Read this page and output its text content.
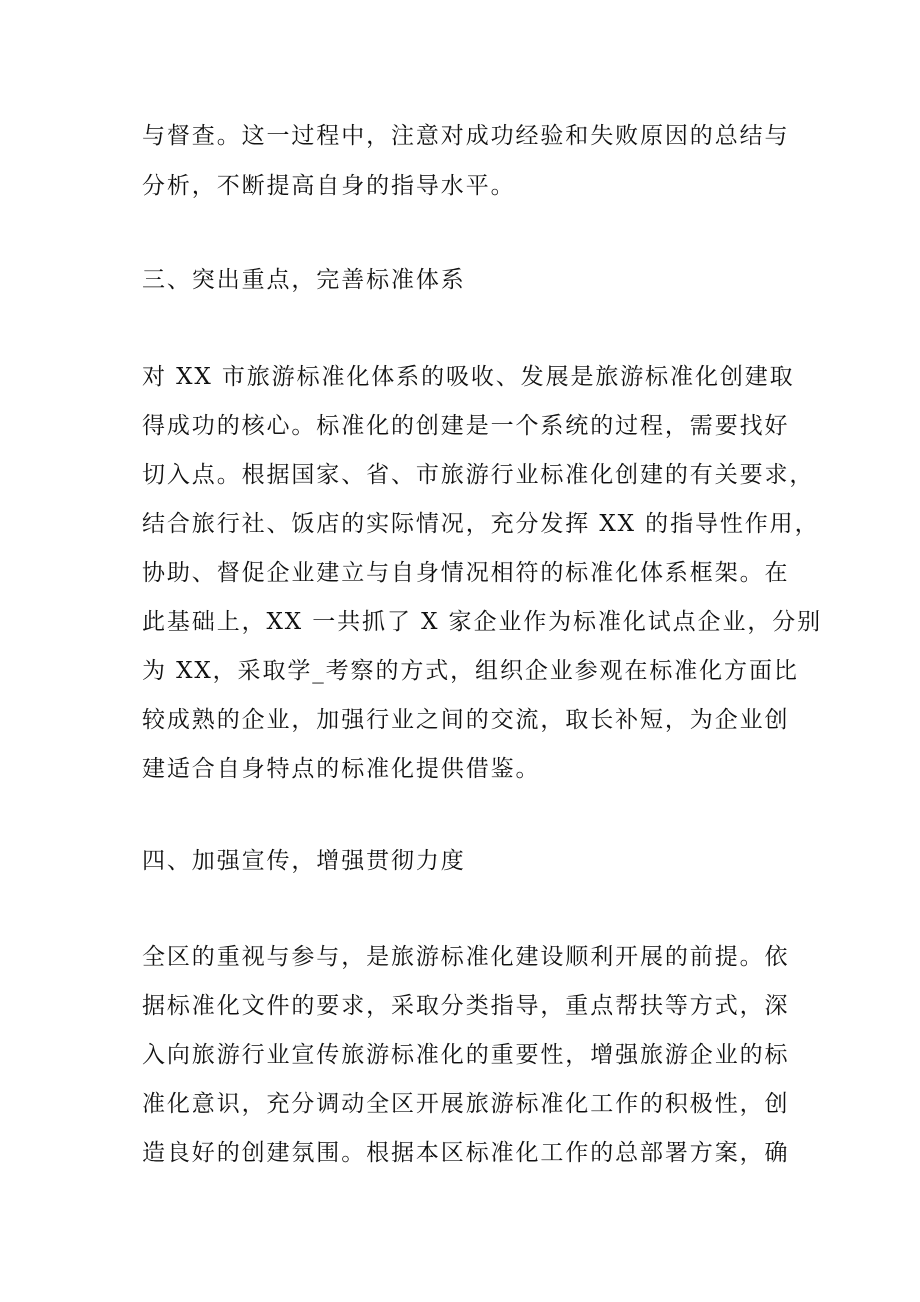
与督查。这一过程中，注意对成功经验和失败原因的总结与
分析，不断提高自身的指导水平。
三、突出重点，完善标准体系
对 XX 市旅游标准化体系的吸收、发展是旅游标准化创建取
得成功的核心。标准化的创建是一个系统的过程，需要找好
切入点。根据国家、省、市旅游行业标准化创建的有关要求，
结合旅行社、饭店的实际情况，充分发挥 XX 的指导性作用，
协助、督促企业建立与自身情况相符的标准化体系框架。在
此基础上，XX 一共抓了 X 家企业作为标准化试点企业，分别
为 XX，采取学_考察的方式，组织企业参观在标准化方面比
较成熟的企业，加强行业之间的交流，取长补短，为企业创
建适合自身特点的标准化提供借鉴。
四、加强宣传，增强贯彻力度
全区的重视与参与，是旅游标准化建设顺利开展的前提。依
据标准化文件的要求，采取分类指导，重点帮扶等方式，深
入向旅游行业宣传旅游标准化的重要性，增强旅游企业的标
准化意识，充分调动全区开展旅游标准化工作的积极性，创
造良好的创建氛围。根据本区标准化工作的总部署方案，确
